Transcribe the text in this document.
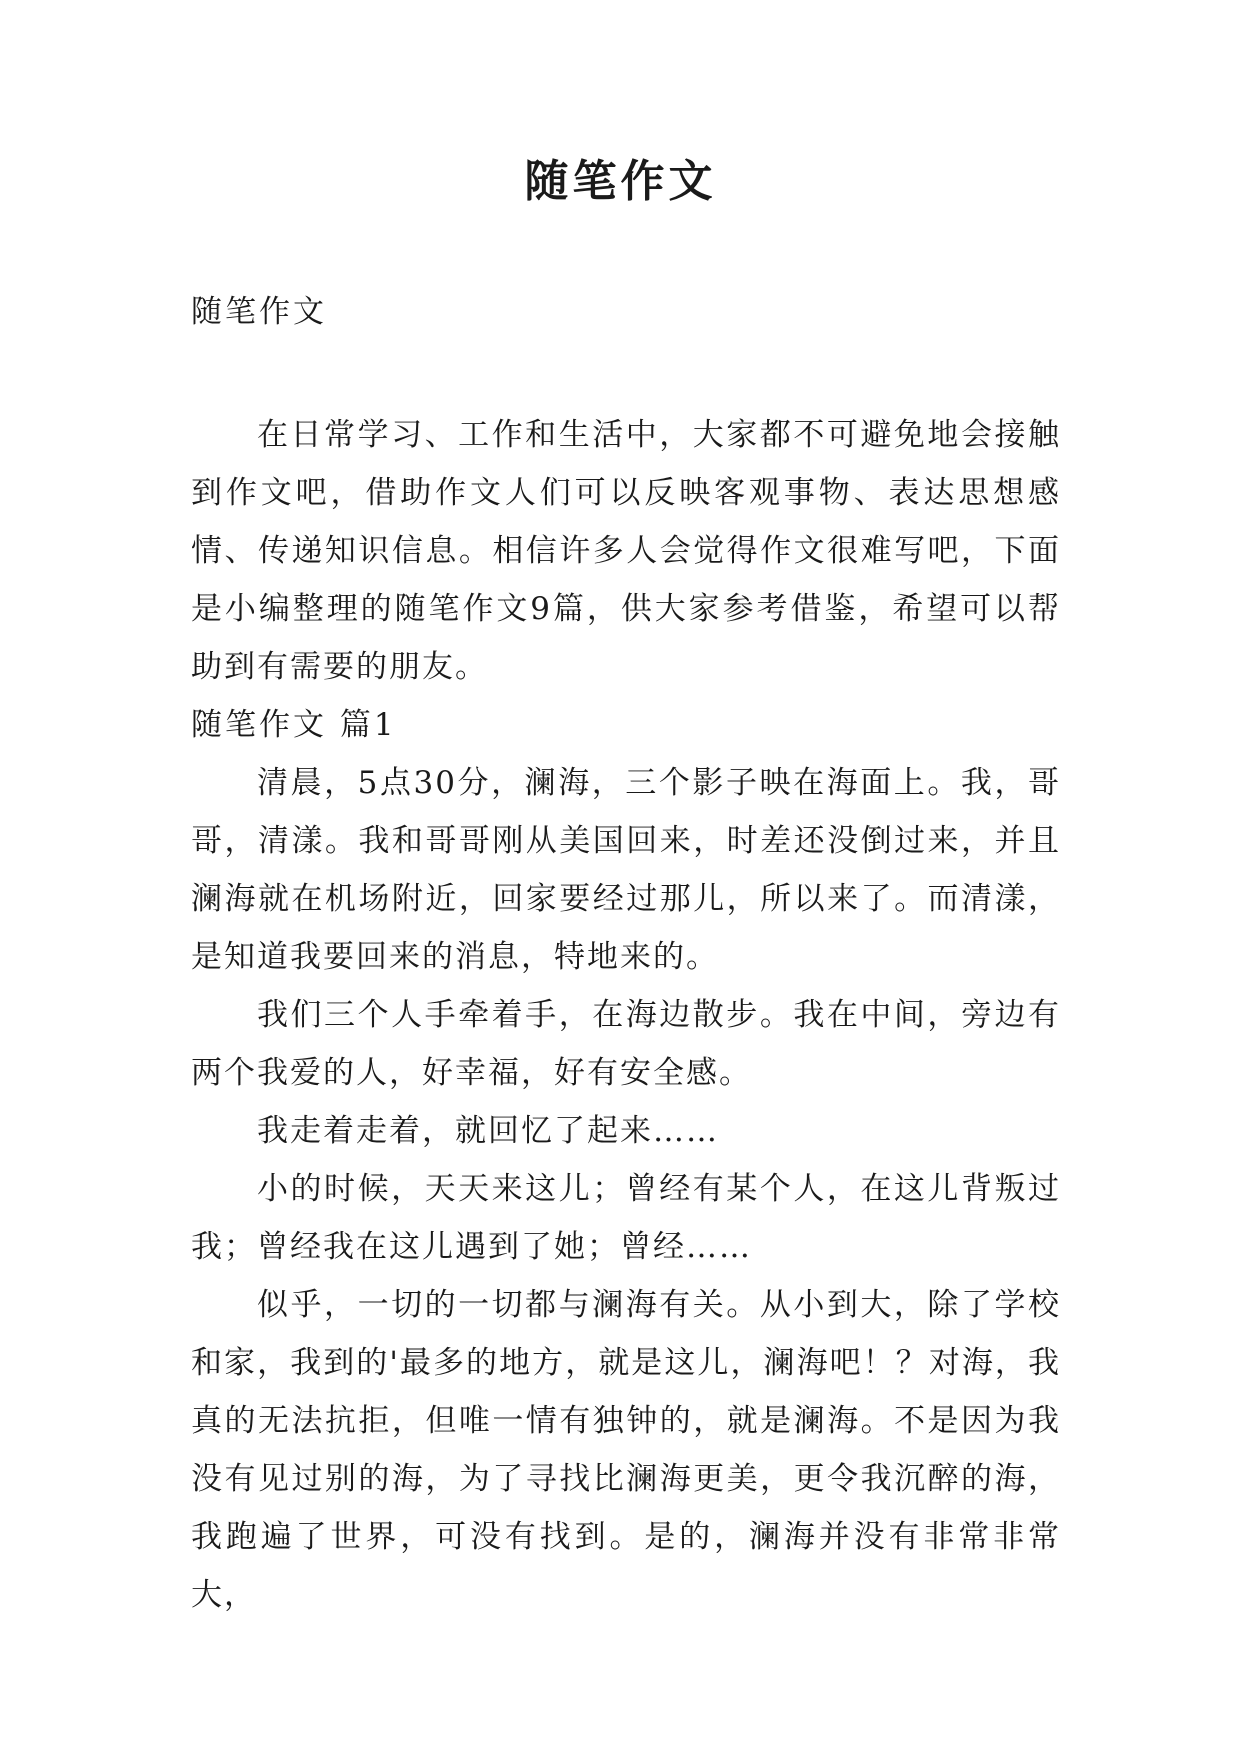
随笔作文

随笔作文

在日常学习、工作和生活中，大家都不可避免地会接触到作文吧，借助作文人们可以反映客观事物、表达思想感情、传递知识信息。相信许多人会觉得作文很难写吧，下面是小编整理的随笔作文9篇，供大家参考借鉴，希望可以帮助到有需要的朋友。

随笔作文 篇1

清晨，5点30分，澜海，三个影子映在海面上。我，哥哥，清漾。我和哥哥刚从美国回来，时差还没倒过来，并且澜海就在机场附近，回家要经过那儿，所以来了。而清漾，是知道我要回来的消息，特地来的。

我们三个人手牵着手，在海边散步。我在中间，旁边有两个我爱的人，好幸福，好有安全感。

我走着走着，就回忆了起来……

小的时候，天天来这儿；曾经有某个人，在这儿背叛过我；曾经我在这儿遇到了她；曾经……

似乎，一切的一切都与澜海有关。从小到大，除了学校和家，我到的'最多的地方，就是这儿，澜海吧！？对海，我真的无法抗拒，但唯一情有独钟的，就是澜海。不是因为我没有见过别的海，为了寻找比澜海更美，更令我沉醉的海，我跑遍了世界，可没有找到。是的，澜海并没有非常非常大，
